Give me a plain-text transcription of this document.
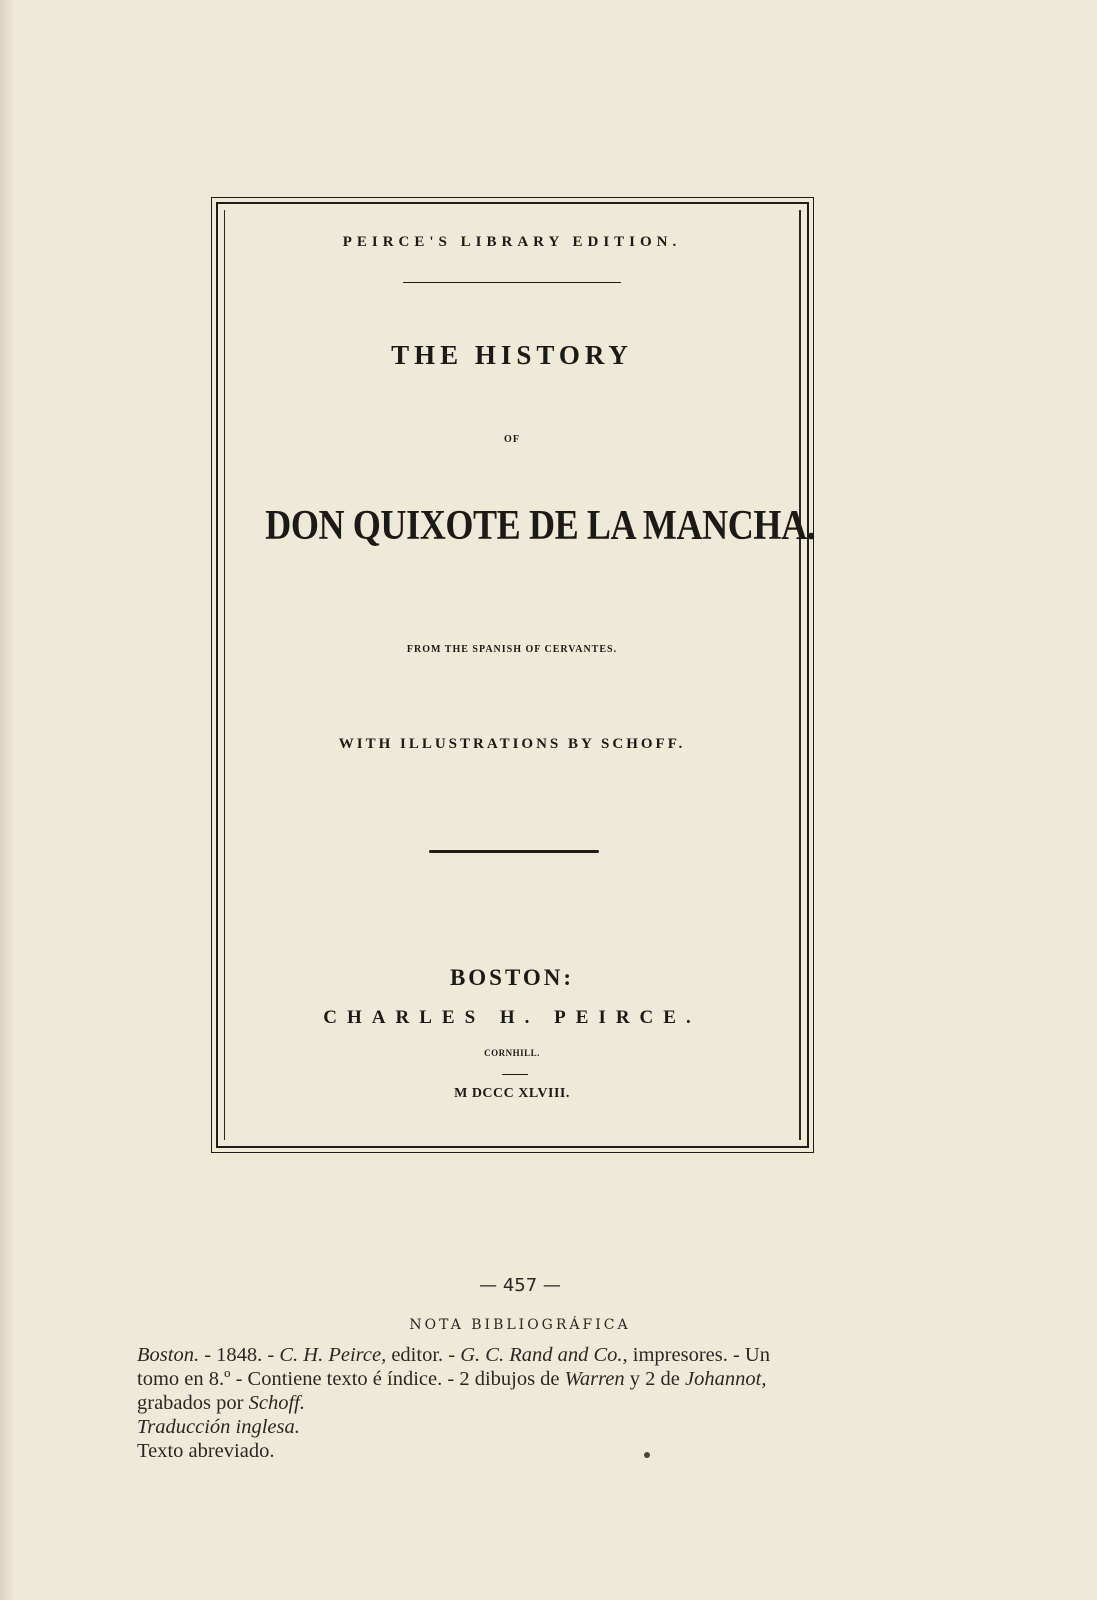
PEIRCE'S LIBRARY EDITION.
THE HISTORY
OF
DON QUIXOTE DE LA MANCHA.
FROM THE SPANISH OF CERVANTES.
WITH ILLUSTRATIONS BY SCHOFF.
BOSTON:
CHARLES H. PEIRCE.
CORNHILL.
M DCCC XLVIII.
— 457 —
NOTA BIBLIOGRÁFICA

Boston. - 1848. - C. H. Peirce, editor. - G. C. Rand and Co., impresores. - Un

tomo en 8.º - Contiene texto é índice. - 2 dibujos de Warren y 2 de Johannot,

grabados por Schoff.

Traducción inglesa.

Texto abreviado.
